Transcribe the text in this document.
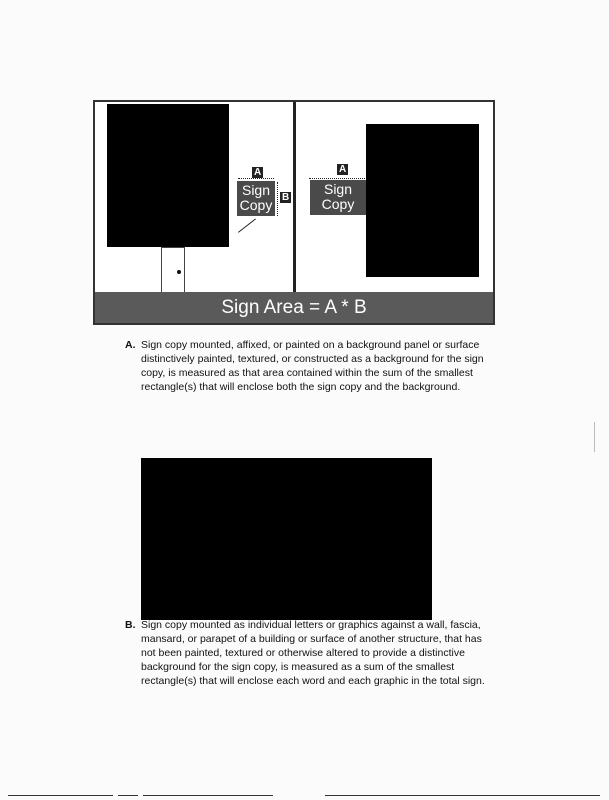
A
B
Sign
Copy
A
Sign
Copy
Sign Area = A * B
A. Sign copy mounted, affixed, or painted on a background panel or surface distinctively painted, textured, or constructed as a background for the sign copy, is measured as that area contained within the sum of the smallest rectangle(s) that will enclose both the sign copy and the background.
B. Sign copy mounted as individual letters or graphics against a wall, fascia, mansard, or parapet of a building or surface of another structure, that has not been painted, textured or otherwise altered to provide a distinctive background for the sign copy, is measured as a sum of the smallest rectangle(s) that will enclose each word and each graphic in the total sign.
